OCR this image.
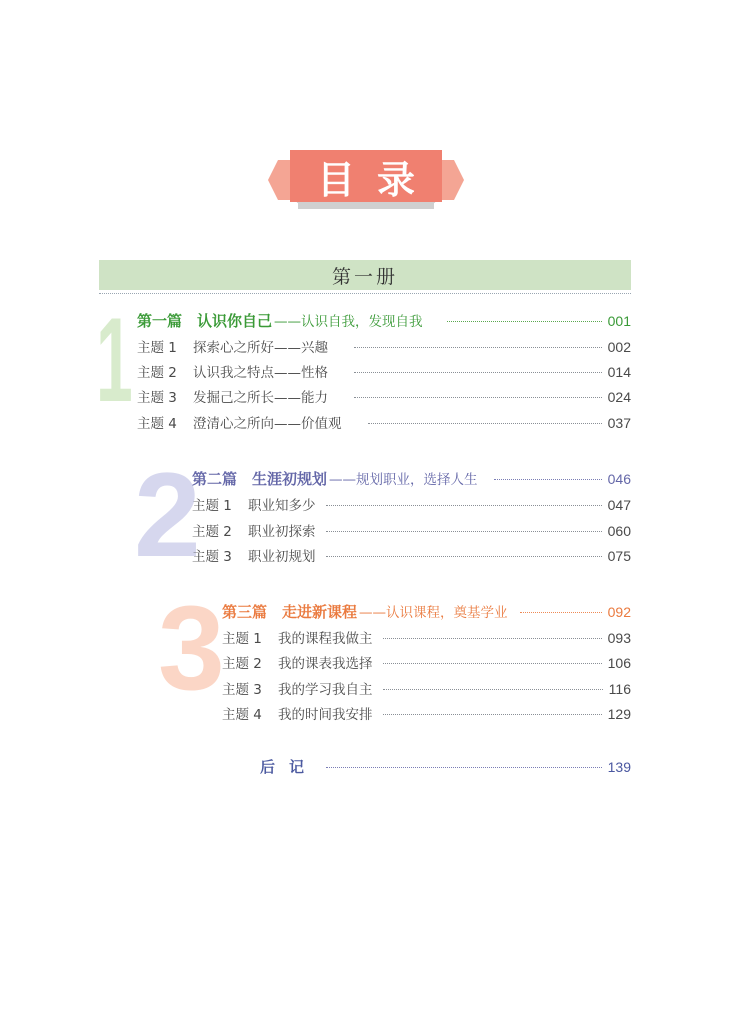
目录
第一册
1
2
3
第一篇　认识你自己 ——认识自我，发现自我	001
主题 1	探索心之所好——兴趣	002
主题 2	认识我之特点——性格	014
主题 3	发掘己之所长——能力	024
主题 4	澄清心之所向——价值观	037
第二篇　生涯初规划 ——规划职业，选择人生	046
主题 1	职业知多少	047
主题 2	职业初探索	060
主题 3	职业初规划	075
第三篇　走进新课程 ——认识课程，奠基学业	092
主题 1	我的课程我做主	093
主题 2	我的课表我选择	106
主题 3	我的学习我自主	116
主题 4	我的时间我安排	129
后记	139
